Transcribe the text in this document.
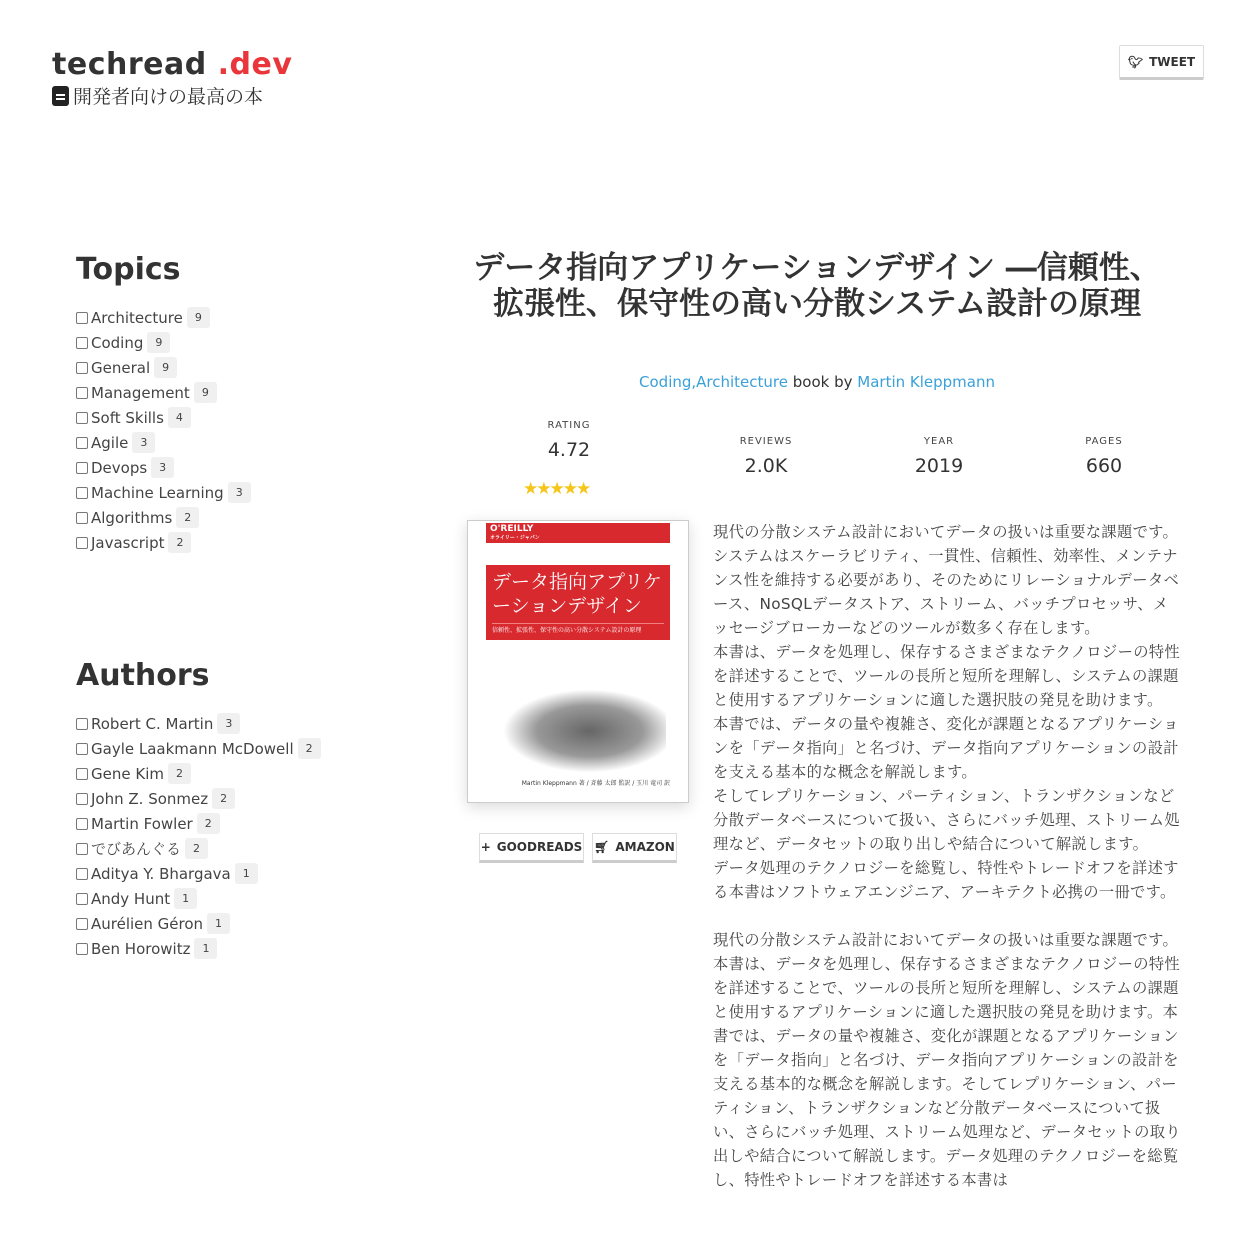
techread .dev
開発者向けの最高の本
🐦︎ TWEET
Topics
Architecture	9
Coding	9
General	9
Management	9
Soft Skills	4
Agile	3
Devops	3
Machine Learning	3
Algorithms	2
Javascript	2
Authors
Robert C. Martin	3
Gayle Laakmann McDowell	2
Gene Kim	2
John Z. Sonmez	2
Martin Fowler	2
でびあんぐる	2
Aditya Y. Bhargava	1
Andy Hunt	1
Aurélien Géron	1
Ben Horowitz	1
データ指向アプリケーションデザイン ―信頼性、
拡張性、保守性の高い分散システム設計の原理
Coding,Architecture book by Martin Kleppmann
RATING
4.72
★★★★★
REVIEWS
2.0K
YEAR
2019
PAGES
660
O'REILLY
オライリー・ジャパン
データ指向アプリケーションデザイン
信頼性、拡張性、保守性の高い分散システム設計の原理
Martin Kleppmann 著 / 斉藤 太郎 監訳 / 玉川 竜司 訳
+ GOODREADS 🛒︎ AMAZON
現代の分散システム設計においてデータの扱いは重要な課題です。システムはスケーラビリティ、一貫性、信頼性、効率性、メンテナンス性を維持する必要があり、そのためにリレーショナルデータベース、NoSQLデータストア、ストリーム、バッチプロセッサ、メッセージブローカーなどのツールが数多く存在します。
本書は、データを処理し、保存するさまざまなテクノロジーの特性を詳述することで、ツールの長所と短所を理解し、システムの課題と使用するアプリケーションに適した選択肢の発見を助けます。
本書では、データの量や複雑さ、変化が課題となるアプリケーションを「データ指向」と名づけ、データ指向アプリケーションの設計を支える基本的な概念を解説します。
そしてレプリケーション、パーティション、トランザクションなど分散データベースについて扱い、さらにバッチ処理、ストリーム処理など、データセットの取り出しや結合について解説します。

データ処理のテクノロジーを総覧し、特性やトレードオフを詳述する本書はソフトウェアエンジニア、アーキテクト必携の一冊です。

現代の分散システム設計においてデータの扱いは重要な課題です。本書は、データを処理し、保存するさまざまなテクノロジーの特性を詳述することで、ツールの長所と短所を理解し、システムの課題と使用するアプリケーションに適した選択肢の発見を助けます。本書では、データの量や複雑さ、変化が課題となるアプリケーションを「データ指向」と名づけ、データ指向アプリケーションの設計を支える基本的な概念を解説します。そしてレプリケーション、パーティション、トランザクションなど分散データベースについて扱い、さらにバッチ処理、ストリーム処理など、データセットの取り出しや結合について解説します。データ処理のテクノロジーを総覧し、特性やトレードオフを詳述する本書は
